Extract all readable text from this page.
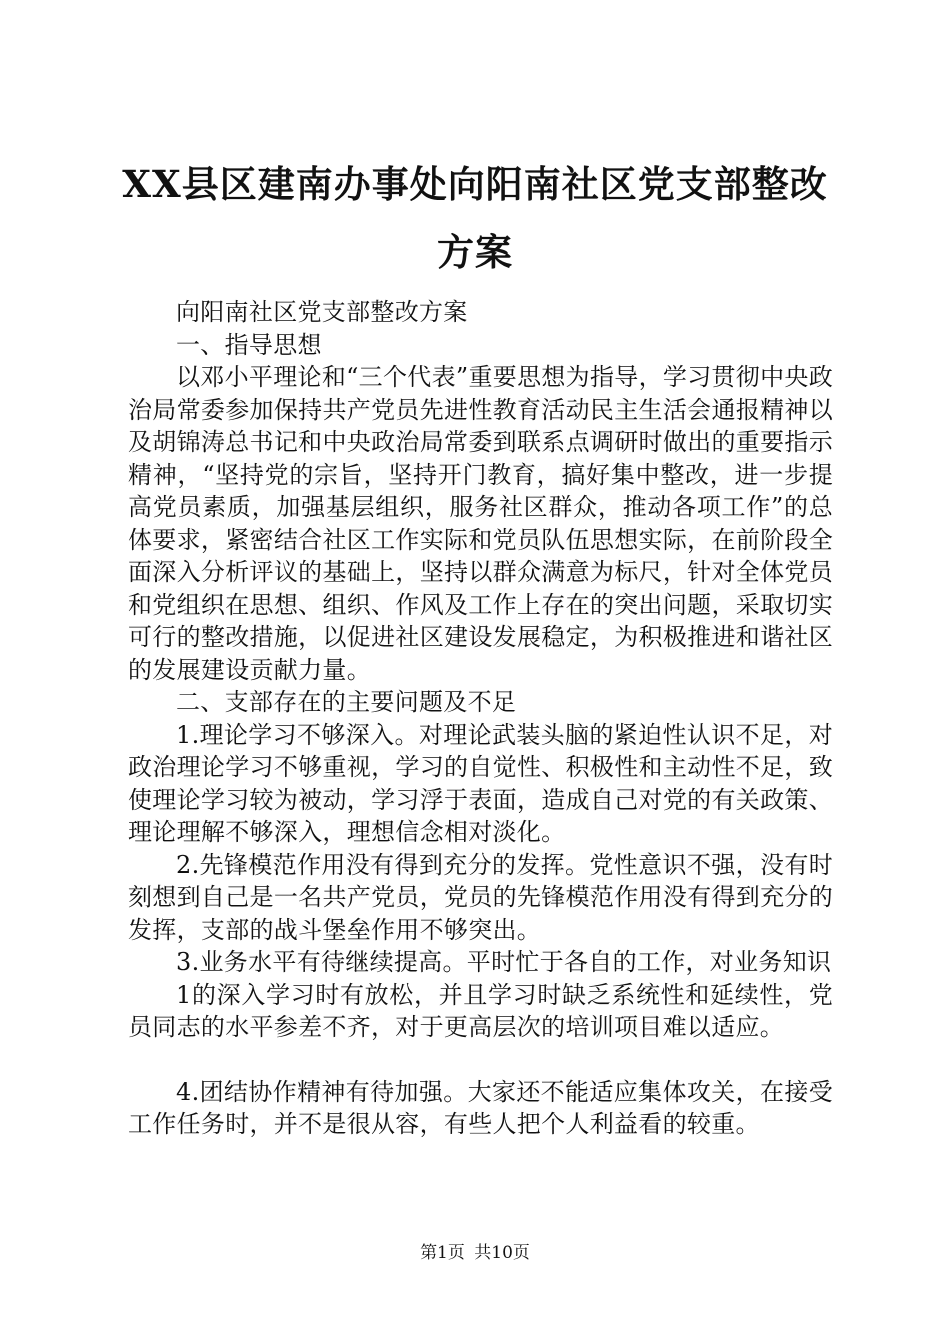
XX县区建南办事处向阳南社区党支部整改方案

向阳南社区党支部整改方案

一、指导思想

以邓小平理论和“三个代表”重要思想为指导，学习贯彻中央政治局常委参加保持共产党员先进性教育活动民主生活会通报精神以及胡锦涛总书记和中央政治局常委到联系点调研时做出的重要指示精神，“坚持党的宗旨，坚持开门教育，搞好集中整改，进一步提高党员素质，加强基层组织，服务社区群众，推动各项工作”的总体要求，紧密结合社区工作实际和党员队伍思想实际，在前阶段全面深入分析评议的基础上，坚持以群众满意为标尺，针对全体党员和党组织在思想、组织、作风及工作上存在的突出问题，采取切实可行的整改措施，以促进社区建设发展稳定，为积极推进和谐社区的发展建设贡献力量。

二、支部存在的主要问题及不足

1.理论学习不够深入。对理论武装头脑的紧迫性认识不足，对政治理论学习不够重视，学习的自觉性、积极性和主动性不足，致使理论学习较为被动，学习浮于表面，造成自己对党的有关政策、理论理解不够深入，理想信念相对淡化。

2.先锋模范作用没有得到充分的发挥。党性意识不强，没有时刻想到自己是一名共产党员，党员的先锋模范作用没有得到充分的发挥，支部的战斗堡垒作用不够突出。

3.业务水平有待继续提高。平时忙于各自的工作，对业务知识

1的深入学习时有放松，并且学习时缺乏系统性和延续性，党员同志的水平参差不齐，对于更高层次的培训项目难以适应。

4.团结协作精神有待加强。大家还不能适应集体攻关，在接受工作任务时，并不是很从容，有些人把个人利益看的较重。

第1页 共10页
